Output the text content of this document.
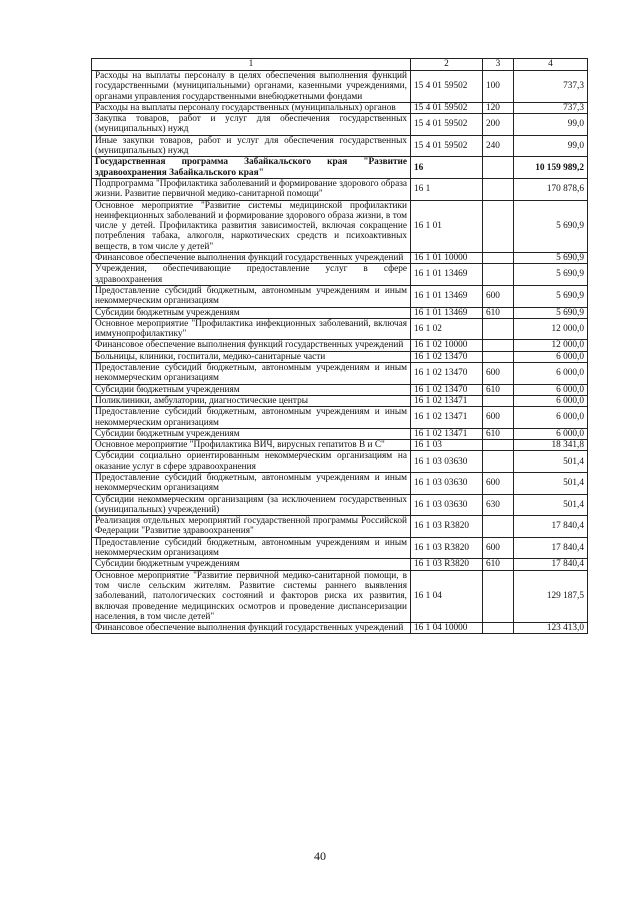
1	2	3	4
Расходы на выплаты персоналу в целях обеспечения выполнения функций государственными (муниципальными) органами, казенными учреждениями, органами управления государственными внебюджетными фондами	15 4 01 59502	100	737,3
Расходы на выплаты персоналу государственных (муниципальных) органов	15 4 01 59502	120	737,3
Закупка товаров, работ и услуг для обеспечения государственных (муниципальных) нужд	15 4 01 59502	200	99,0
Иные закупки товаров, работ и услуг для обеспечения государственных (муниципальных) нужд	15 4 01 59502	240	99,0
Государственная программа Забайкальского края "Развитие здравоохранения Забайкальского края"	16		10 159 989,2
Подпрограмма "Профилактика заболеваний и формирование здорового образа жизни. Развитие первичной медико-санитарной помощи"	16 1		170 878,6
Основное мероприятие "Развитие системы медицинской профилактики неинфекционных заболеваний и формирование здорового образа жизни, в том числе у детей. Профилактика развития зависимостей, включая сокращение потребления табака, алкоголя, наркотических средств и психоактивных веществ, в том числе у детей"	16 1 01		5 690,9
Финансовое обеспечение выполнения функций государственных учреждений	16 1 01 10000		5 690,9
Учреждения, обеспечивающие предоставление услуг в сфере здравоохранения	16 1 01 13469		5 690,9
Предоставление субсидий бюджетным, автономным учреждениям и иным некоммерческим организациям	16 1 01 13469	600	5 690,9
Субсидии бюджетным учреждениям	16 1 01 13469	610	5 690,9
Основное мероприятие "Профилактика инфекционных заболеваний, включая иммунопрофилактику"	16 1 02		12 000,0
Финансовое обеспечение выполнения функций государственных учреждений	16 1 02 10000		12 000,0
Больницы, клиники, госпитали, медико-санитарные части	16 1 02 13470		6 000,0
Предоставление субсидий бюджетным, автономным учреждениям и иным некоммерческим организациям	16 1 02 13470	600	6 000,0
Субсидии бюджетным учреждениям	16 1 02 13470	610	6 000,0
Поликлиники, амбулатории, диагностические центры	16 1 02 13471		6 000,0
Предоставление субсидий бюджетным, автономным учреждениям и иным некоммерческим организациям	16 1 02 13471	600	6 000,0
Субсидии бюджетным учреждениям	16 1 02 13471	610	6 000,0
Основное мероприятие "Профилактика ВИЧ, вирусных гепатитов В и С"	16 1 03		18 341,8
Субсидии социально ориентированным некоммерческим организациям на оказание услуг в сфере здравоохранения	16 1 03 03630		501,4
Предоставление субсидий бюджетным, автономным учреждениям и иным некоммерческим организациям	16 1 03 03630	600	501,4
Субсидии некоммерческим организациям (за исключением государственных (муниципальных) учреждений)	16 1 03 03630	630	501,4
Реализация отдельных мероприятий государственной программы Российской Федерации "Развитие здравоохранения"	16 1 03 R3820		17 840,4
Предоставление субсидий бюджетным, автономным учреждениям и иным некоммерческим организациям	16 1 03 R3820	600	17 840,4
Субсидии бюджетным учреждениям	16 1 03 R3820	610	17 840,4
Основное мероприятие "Развитие первичной медико-санитарной помощи, в том числе сельским жителям. Развитие системы раннего выявления заболеваний, патологических состояний и факторов риска их развития, включая проведение медицинских осмотров и проведение диспансеризации населения, в том числе детей"	16 1 04		129 187,5
Финансовое обеспечение выполнения функций государственных учреждений	16 1 04 10000		123 413,0
40
